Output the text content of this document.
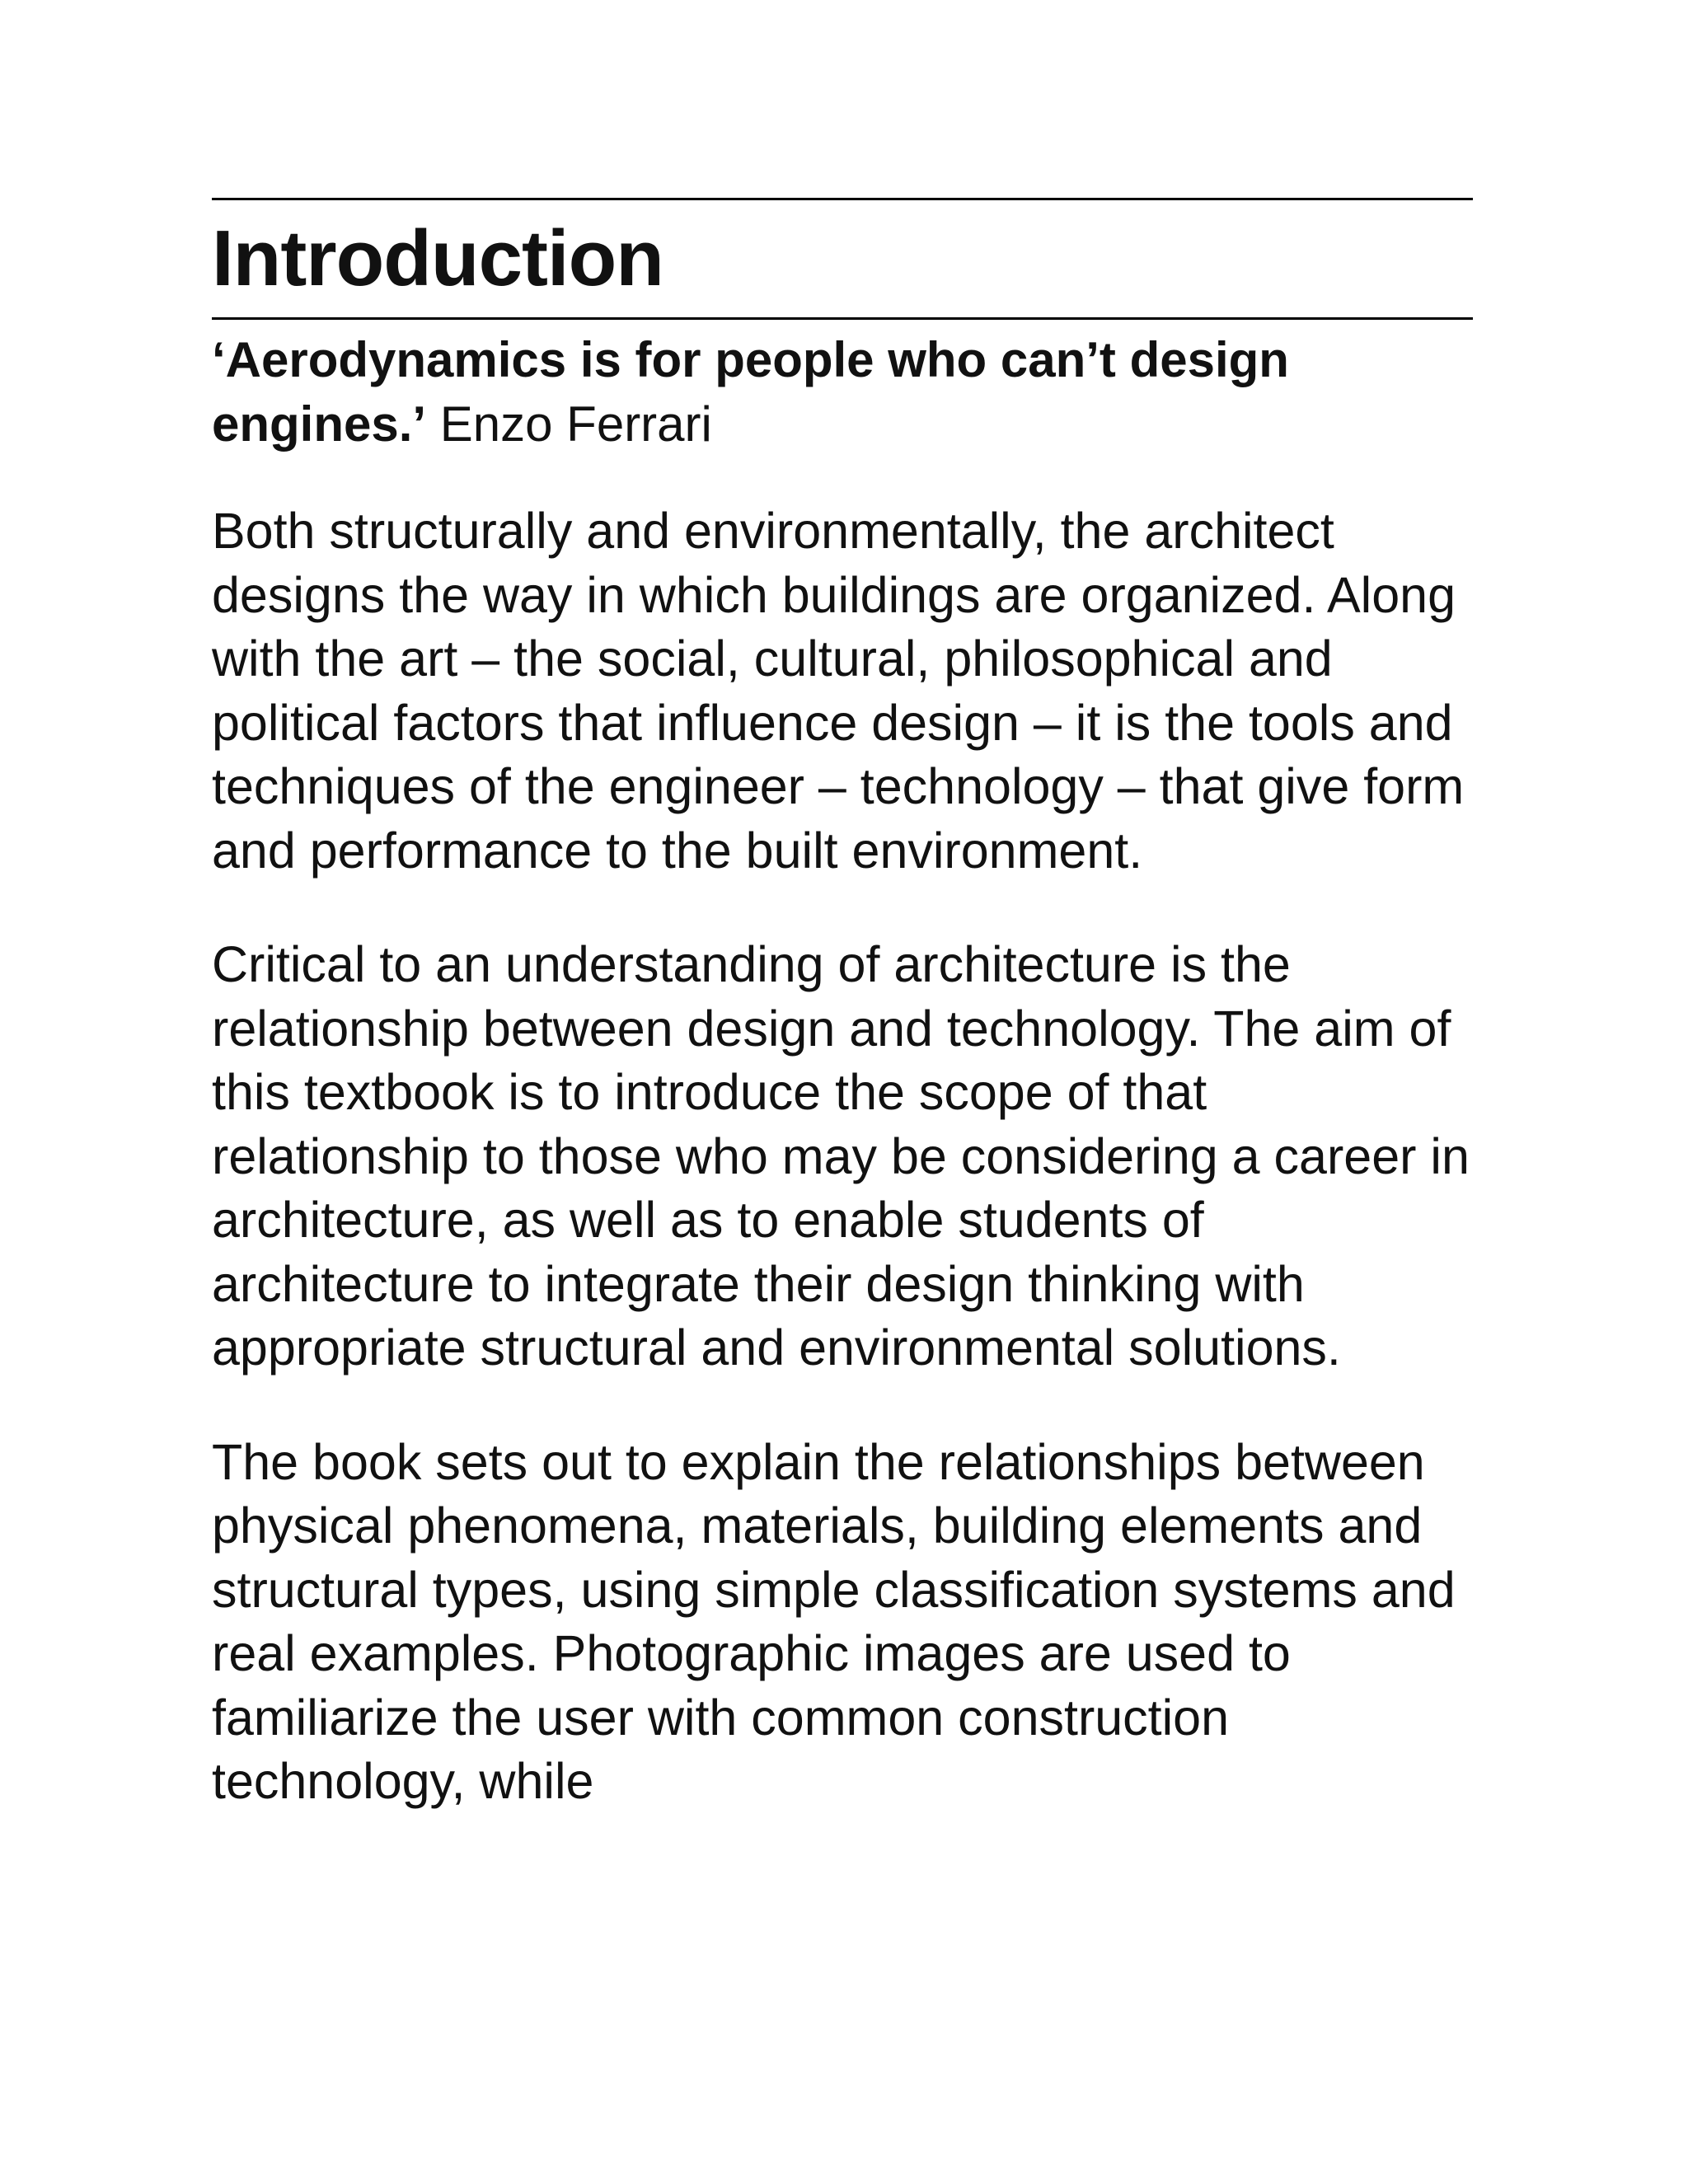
Introduction
‘Aerodynamics is for people who can’t design engines.’ Enzo Ferrari

Both structurally and environmentally, the architect designs the way in which buildings are organized. Along with the art – the social, cultural, philosophical and political factors that influence design – it is the tools and techniques of the engineer – technology – that give form and performance to the built environment.

Critical to an understanding of architecture is the relationship between design and technology. The aim of this textbook is to introduce the scope of that relationship to those who may be considering a career in architecture, as well as to enable students of architecture to integrate their design thinking with appropriate structural and environmental solutions.

The book sets out to explain the relationships between physical phenomena, materials, building elements and structural types, using simple classification systems and real examples. Photographic images are used to familiarize the user with common construction technology, while
